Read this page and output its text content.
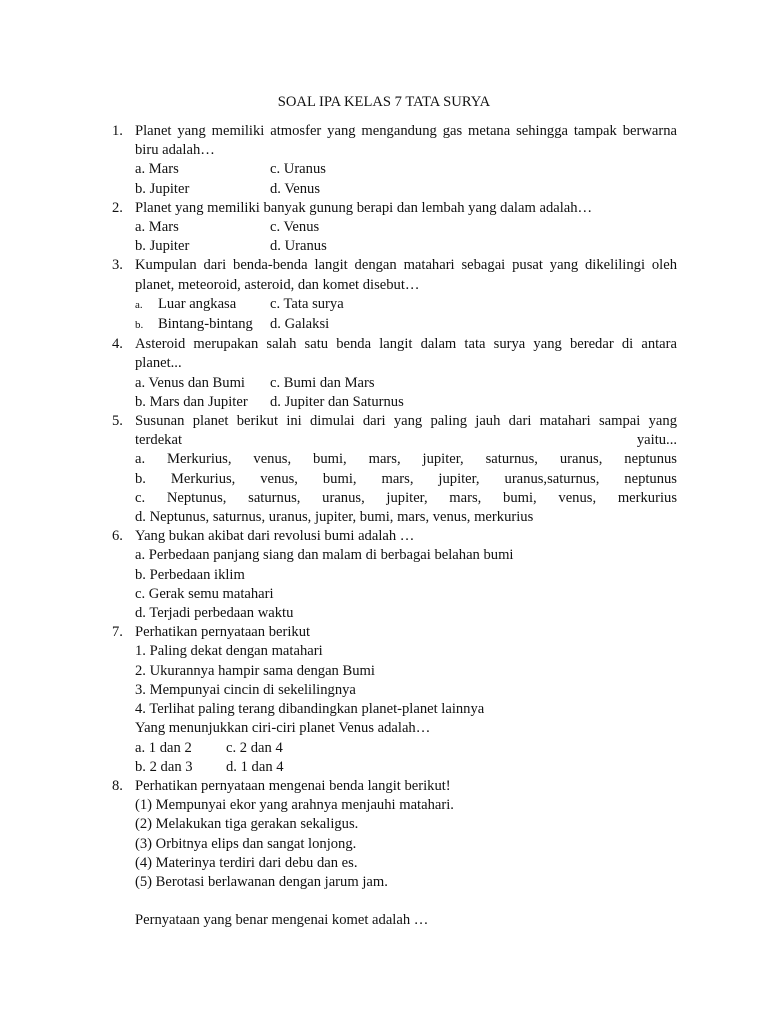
SOAL IPA KELAS 7 TATA SURYA
1. Planet yang memiliki atmosfer yang mengandung gas metana sehingga tampak berwarna
biru adalah…
a. Mars	c. Uranus
b. Jupiter	d. Venus
2. Planet yang memiliki banyak gunung berapi dan lembah yang dalam adalah…
a. Mars	c. Venus
b. Jupiter	d. Uranus
3. Kumpulan dari benda-benda langit dengan matahari sebagai pusat yang dikelilingi oleh
planet, meteoroid, asteroid, dan komet disebut…
a. Luar angkasa	c. Tata surya
b. Bintang-bintang	d. Galaksi
4. Asteroid merupakan salah satu benda langit dalam tata surya yang beredar di antara
planet...
a. Venus dan Bumi	c. Bumi dan Mars
b. Mars dan Jupiter	d. Jupiter dan Saturnus
5. Susunan planet berikut ini dimulai dari yang paling jauh dari matahari sampai yang
terdekat yaitu...
a. Merkurius, venus, bumi, mars, jupiter, saturnus, uranus, neptunus
b. Merkurius, venus, bumi, mars, jupiter, uranus,saturnus, neptunus
c. Neptunus, saturnus, uranus, jupiter, mars, bumi, venus, merkurius
d. Neptunus, saturnus, uranus, jupiter, bumi, mars, venus, merkurius
6. Yang bukan akibat dari revolusi bumi adalah …
a. Perbedaan panjang siang dan malam di berbagai belahan bumi
b. Perbedaan iklim
c. Gerak semu matahari
d. Terjadi perbedaan waktu
7. Perhatikan pernyataan berikut
1. Paling dekat dengan matahari
2. Ukurannya hampir sama dengan Bumi
3. Mempunyai cincin di sekelilingnya
4. Terlihat paling terang dibandingkan planet-planet lainnya
Yang menunjukkan ciri-ciri planet Venus adalah…
a. 1 dan 2	c. 2 dan 4
b. 2 dan 3	d. 1 dan 4
8. Perhatikan pernyataan mengenai benda langit berikut!
(1) Mempunyai ekor yang arahnya menjauhi matahari.
(2) Melakukan tiga gerakan sekaligus.
(3) Orbitnya elips dan sangat lonjong.
(4) Materinya terdiri dari debu dan es.
(5) Berotasi berlawanan dengan jarum jam.
Pernyataan yang benar mengenai komet adalah …
